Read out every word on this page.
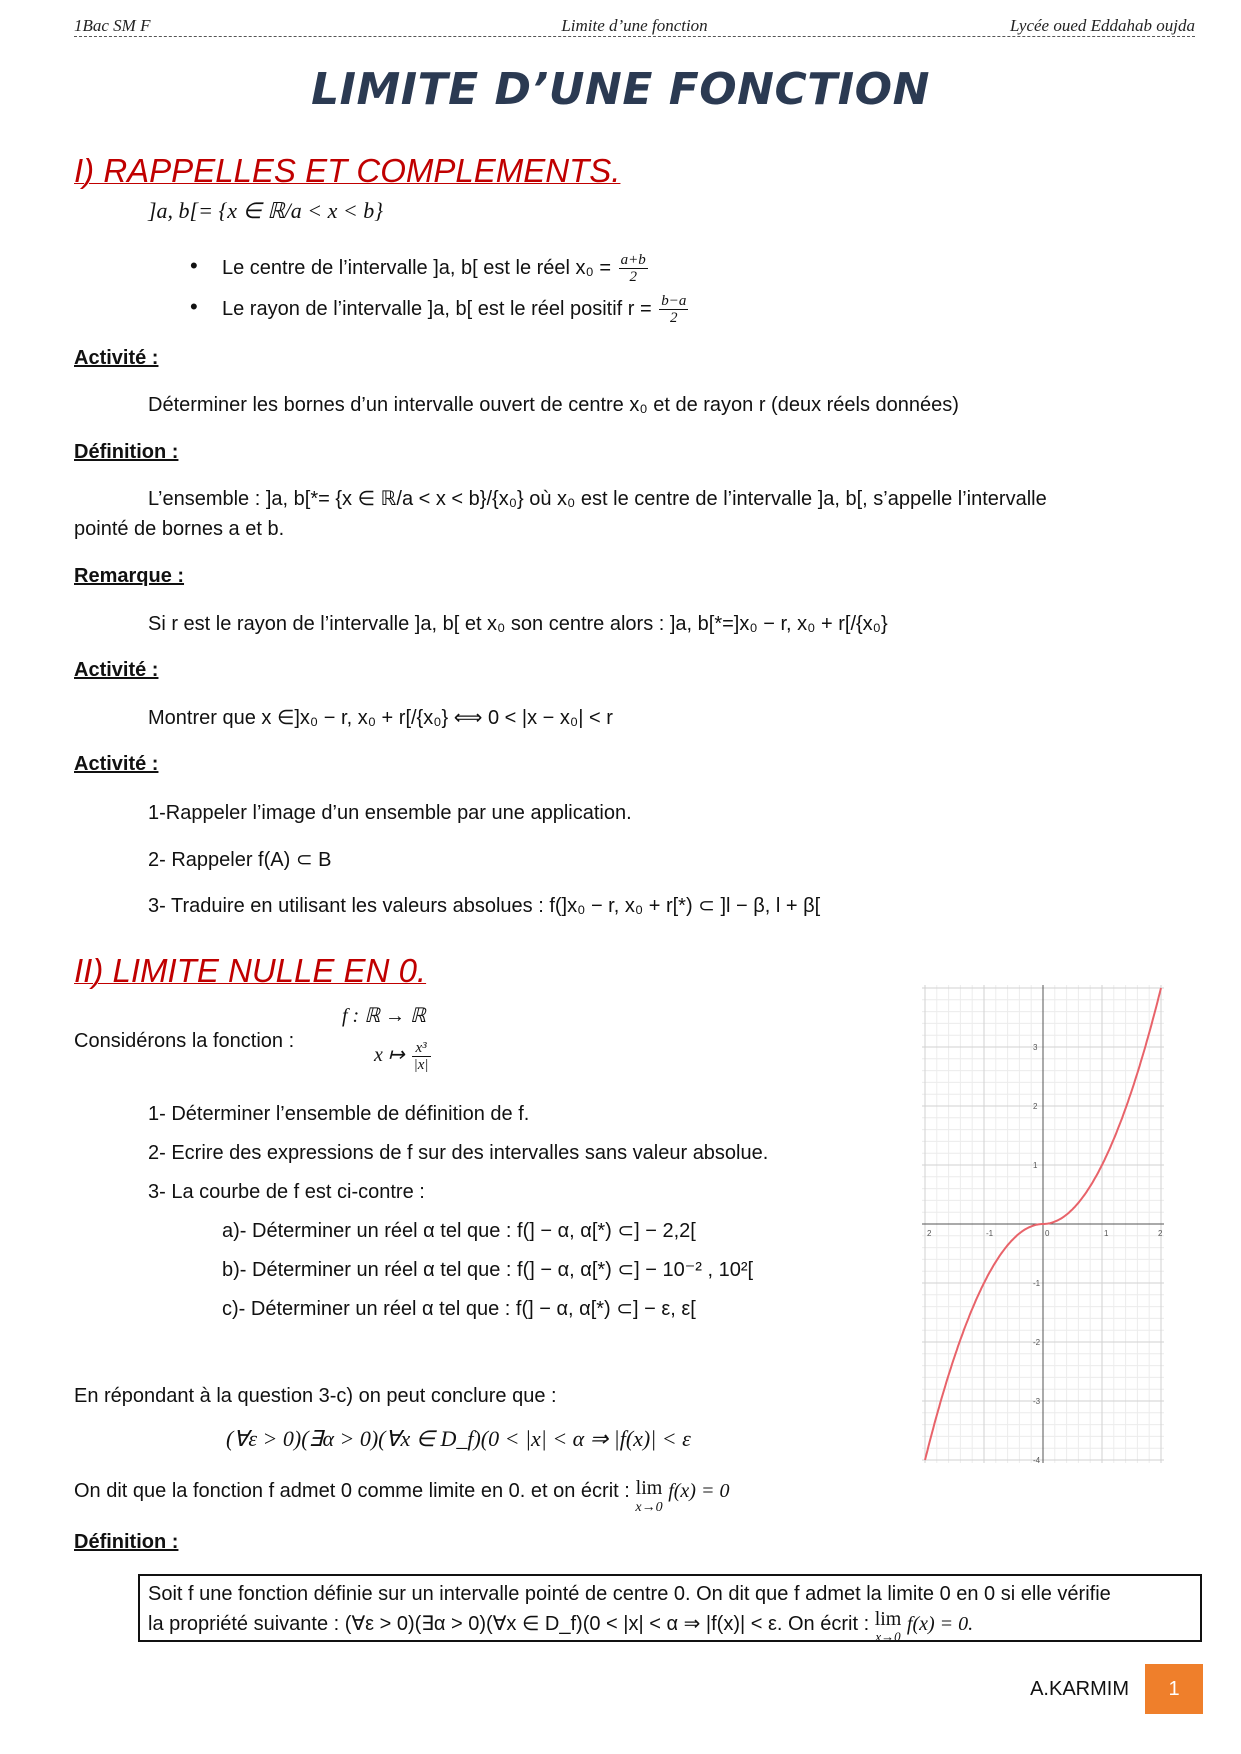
1Bac SM F	Limite d’une fonction	Lycée oued Eddahab oujda
LIMITE D’UNE FONCTION
I) RAPPELLES ET COMPLEMENTS.
]a, b[= {x ∈ ℝ/a < x < b}
• Le centre de l’intervalle ]a, b[ est le réel $x_0 = \frac{a+b}{2}$
• Le rayon de l’intervalle ]a, b[ est le réel positif $r = \frac{b-a}{2}$
Activité :
Déterminer les bornes d’un intervalle ouvert de centre x₀ et de rayon r (deux réels données)
Définition :
L’ensemble : ]a, b[*= {x ∈ ℝ/a < x < b}/{x₀} où x₀ est le centre de l’intervalle ]a, b[, s’appelle l’intervalle
pointé de bornes a et b.
Remarque :
Si r est le rayon de l’intervalle ]a, b[ et x₀ son centre alors : ]a, b[*=]x₀ − r, x₀ + r[/{x₀}
Activité :
Montrer que x ∈]x₀ − r, x₀ + r[/{x₀} ⟺ 0 < |x − x₀| < r
Activité :
1-Rappeler l’image d’un ensemble par une application.
2- Rappeler f(A) ⊂ B
3- Traduire en utilisant les valeurs absolues : f(]x₀ − r, x₀ + r[*) ⊂ ]l − β, l + β[
II) LIMITE NULLE EN 0.
Considérons la fonction :
f : ℝ → ℝ
x ↦ $\frac{\text{x³}}{|x|}$
1- Déterminer l’ensemble de définition de f.
2- Ecrire des expressions de f sur des intervalles sans valeur absolue.
3- La courbe de f est ci-contre :
a)- Déterminer un réel α tel que : f(] − α, α[*) ⊂] − 2,2[
b)- Déterminer un réel α tel que : f(] − α, α[*) ⊂] − 10⁻² , 10²[
c)- Déterminer un réel α tel que : f(] − α, α[*) ⊂] − ε, ε[
En répondant à la question 3-c) on peut conclure que :
(∀ε > 0)(∃α > 0)(∀x ∈ D_f)(0 < |x| < α ⇒ |f(x)| < ε
On dit que la fonction f admet 0 comme limite en 0. et on écrit : lim
x→0
f(x) = 0
Définition :
Soit f une fonction définie sur un intervalle pointé de centre 0. On dit que f admet la limite 0 en 0 si elle vérifie
la propriété suivante : (∀ε > 0)(∃α > 0)(∀x ∈ D_f)(0 < |x| < α ⇒ |f(x)| < ε. On écrit : lim
x→0
f(x) = 0.
2	-1	0	1	2
3
2
1
-1
-2
-3
-4
A.KARMIM	1
